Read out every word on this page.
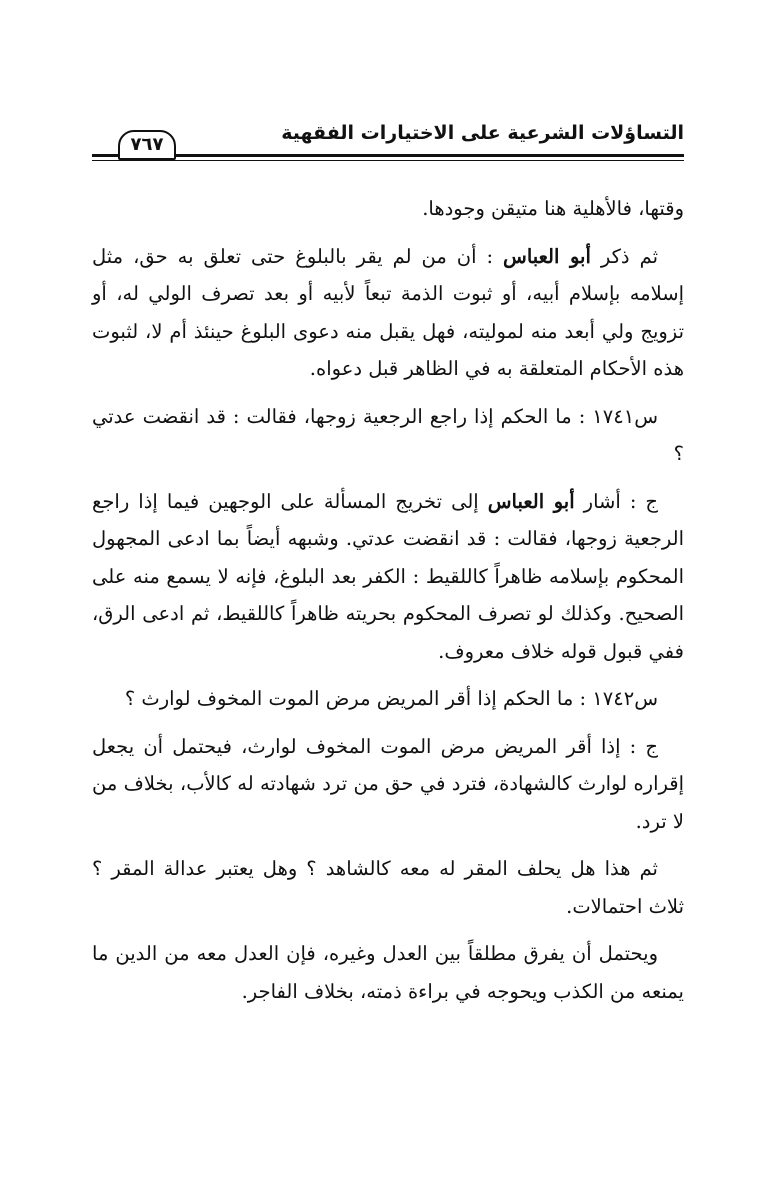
التساؤلات الشرعية على الاختيارات الفقهية
٧٦٧

وقتها، فالأهلية هنا متيقن وجودها.

ثم ذكر أبو العباس : أن من لم يقر بالبلوغ حتى تعلق به حق، مثل إسلامه بإسلام أبيه، أو ثبوت الذمة تبعاً لأبيه أو بعد تصرف الولي له، أو تزويج ولي أبعد منه لموليته، فهل يقبل منه دعوى البلوغ حينئذ أم لا، لثبوت هذه الأحكام المتعلقة به في الظاهر قبل دعواه.

س١٧٤١ : ما الحكم إذا راجع الرجعية زوجها، فقالت : قد انقضت عدتي ؟

ج : أشار أبو العباس إلى تخريج المسألة على الوجهين فيما إذا راجع الرجعية زوجها، فقالت : قد انقضت عدتي. وشبهه أيضاً بما ادعى المجهول المحكوم بإسلامه ظاهراً كاللقيط : الكفر بعد البلوغ، فإنه لا يسمع منه على الصحيح. وكذلك لو تصرف المحكوم بحريته ظاهراً كاللقيط، ثم ادعى الرق، ففي قبول قوله خلاف معروف.

س١٧٤٢ : ما الحكم إذا أقر المريض مرض الموت المخوف لوارث ؟

ج : إذا أقر المريض مرض الموت المخوف لوارث، فيحتمل أن يجعل إقراره لوارث كالشهادة، فترد في حق من ترد شهادته له كالأب، بخلاف من لا ترد.

ثم هذا هل يحلف المقر له معه كالشاهد ؟ وهل يعتبر عدالة المقر ؟ ثلاث احتمالات.

ويحتمل أن يفرق مطلقاً بين العدل وغيره، فإن العدل معه من الدين ما يمنعه من الكذب ويحوجه في براءة ذمته، بخلاف الفاجر.
